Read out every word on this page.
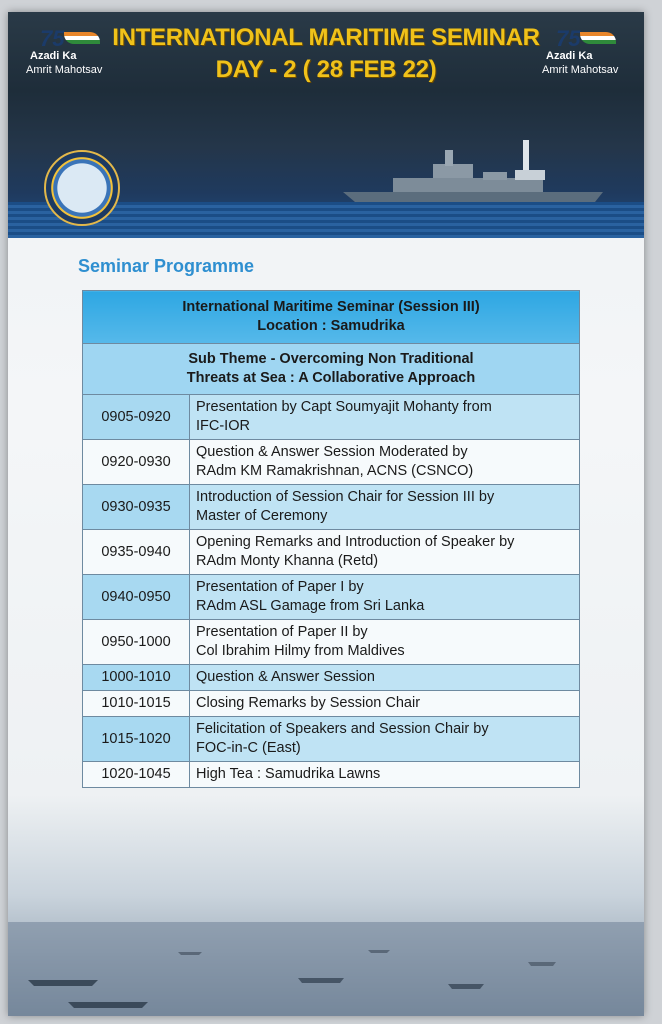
75
Azadi Ka
Amrit Mahotsav
INTERNATIONAL MARITIME SEMINAR
DAY - 2 ( 28 FEB 22)
75
Azadi Ka
Amrit Mahotsav
Seminar Programme
International Maritime Seminar (Session III)
Location : Samudrika	

Sub Theme - Overcoming Non Traditional
Threats at Sea : A Collaborative Approach	

0905-0920	Presentation by Capt Soumyajit Mohanty from
IFC-IOR

0920-0930	Question & Answer Session Moderated by
RAdm KM Ramakrishnan, ACNS (CSNCO)

0930-0935	Introduction of Session Chair for Session III by
Master of Ceremony

0935-0940	Opening Remarks and Introduction of Speaker by
RAdm Monty Khanna (Retd)

0940-0950	Presentation of Paper I by
RAdm ASL Gamage from Sri Lanka

0950-1000	Presentation of Paper II by
Col Ibrahim Hilmy from Maldives

1000-1010	Question & Answer Session
1010-1015	Closing Remarks by Session Chair
1015-1020	Felicitation of Speakers and Session Chair by
FOC-in-C (East)

1020-1045	High Tea : Samudrika Lawns
